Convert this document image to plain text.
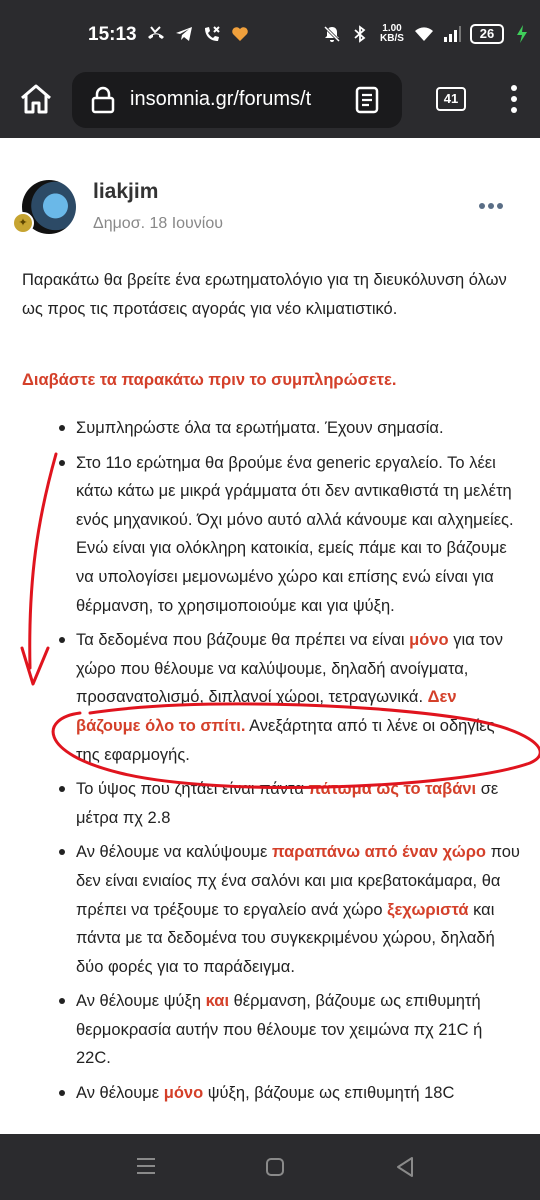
15:13	1.00
KB/S	26
insomnia.gr/forums/t	41
✦
liakjim
Δημοσ. 18 Ιουνίου

Παρακάτω θα βρείτε ένα ερωτηματολόγιο για τη διευκόλυνση όλων ως προς τις προτάσεις αγοράς για νέο κλιματιστικό.

Διαβάστε τα παρακάτω πριν το συμπληρώσετε.

Συμπληρώστε όλα τα ερωτήματα. Έχουν σημασία.
Στο 11ο ερώτημα θα βρούμε ένα generic εργαλείο. Το λέει κάτω κάτω με μικρά γράμματα ότι δεν αντικαθιστά τη μελέτη ενός μηχανικού. Όχι μόνο αυτό αλλά κάνουμε και αλχημείες. Ενώ είναι για ολόκληρη κατοικία, εμείς πάμε και το βάζουμε να υπολογίσει μεμονωμένο χώρο και επίσης ενώ είναι για θέρμανση, το χρησιμοποιούμε και για ψύξη.
Τα δεδομένα που βάζουμε θα πρέπει να είναι μόνο για τον χώρο που θέλουμε να καλύψουμε, δηλαδή ανοίγματα, προσανατολισμό, διπλανοί χώροι, τετραγωνικά. Δεν βάζουμε όλο το σπίτι. Ανεξάρτητα από τι λένε οι οδηγίες της εφαρμογής.
Το ύψος που ζητάει είναι πάντα πάτωμα ως το ταβάνι σε μέτρα πχ 2.8
Αν θέλουμε να καλύψουμε παραπάνω από έναν χώρο που δεν είναι ενιαίος πχ ένα σαλόνι και μια κρεβατοκάμαρα, θα πρέπει να τρέξουμε το εργαλείο ανά χώρο ξεχωριστά και πάντα με τα δεδομένα του συγκεκριμένου χώρου, δηλαδή δύο φορές για το παράδειγμα.
Αν θέλουμε ψύξη και θέρμανση, βάζουμε ως επιθυμητή θερμοκρασία αυτήν που θέλουμε τον χειμώνα πχ 21C ή 22C.
Αν θέλουμε μόνο ψύξη, βάζουμε ως επιθυμητή 18C
